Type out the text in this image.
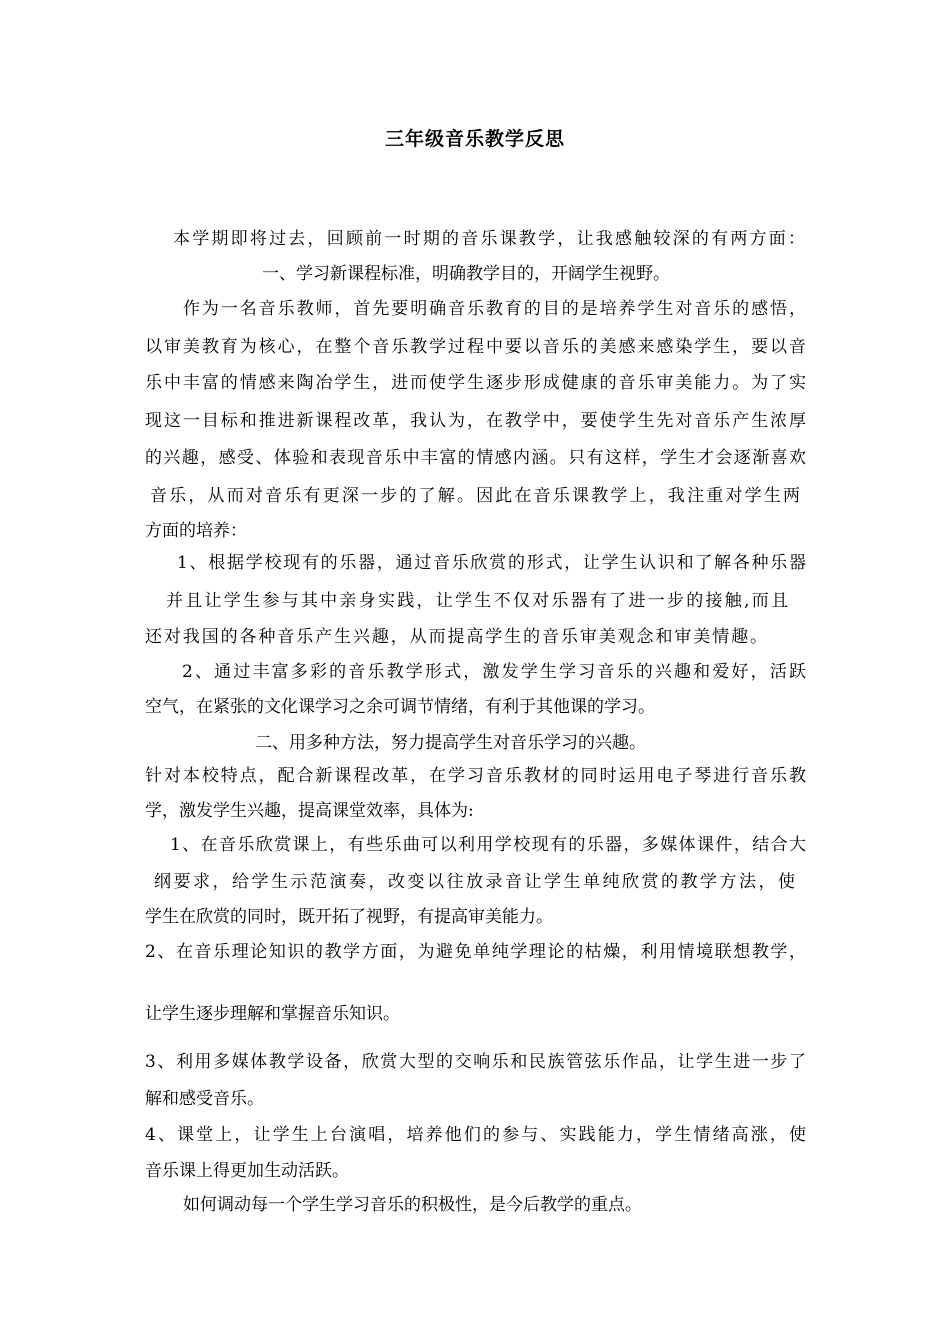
三年级音乐教学反思
本学期即将过去，回顾前一时期的音乐课教学，让我感触较深的有两方面：
一、学习新课程标准，明确教学目的，开阔学生视野。
作为一名音乐教师，首先要明确音乐教育的目的是培养学生对音乐的感悟，
以审美教育为核心，在整个音乐教学过程中要以音乐的美感来感染学生，要以音
乐中丰富的情感来陶冶学生，进而使学生逐步形成健康的音乐审美能力。为了实
现这一目标和推进新课程改革，我认为，在教学中，要使学生先对音乐产生浓厚
的兴趣，感受、体验和表现音乐中丰富的情感内涵。只有这样，学生才会逐渐喜欢
音乐，从而对音乐有更深一步的了解。因此在音乐课教学上，我注重对学生两
方面的培养：
1、根据学校现有的乐器，通过音乐欣赏的形式，让学生认识和了解各种乐器
并且让学生参与其中亲身实践，让学生不仅对乐器有了进一步的接触,而且
还对我国的各种音乐产生兴趣，从而提高学生的音乐审美观念和审美情趣。
2、通过丰富多彩的音乐教学形式，激发学生学习音乐的兴趣和爱好，活跃
空气，在紧张的文化课学习之余可调节情绪，有利于其他课的学习。
二、用多种方法，努力提高学生对音乐学习的兴趣。
针对本校特点，配合新课程改革，在学习音乐教材的同时运用电子琴进行音乐教
学，激发学生兴趣，提高课堂效率，具体为:
1、在音乐欣赏课上，有些乐曲可以利用学校现有的乐器，多媒体课件，结合大
纲要求，给学生示范演奏，改变以往放录音让学生单纯欣赏的教学方法，使
学生在欣赏的同时，既开拓了视野，有提高审美能力。
2、在音乐理论知识的教学方面，为避免单纯学理论的枯燥，利用情境联想教学，
让学生逐步理解和掌握音乐知识。
3、利用多媒体教学设备，欣赏大型的交响乐和民族管弦乐作品，让学生进一步了
解和感受音乐。
4、课堂上，让学生上台演唱，培养他们的参与、实践能力，学生情绪高涨，使
音乐课上得更加生动活跃。
如何调动每一个学生学习音乐的积极性，是今后教学的重点。
